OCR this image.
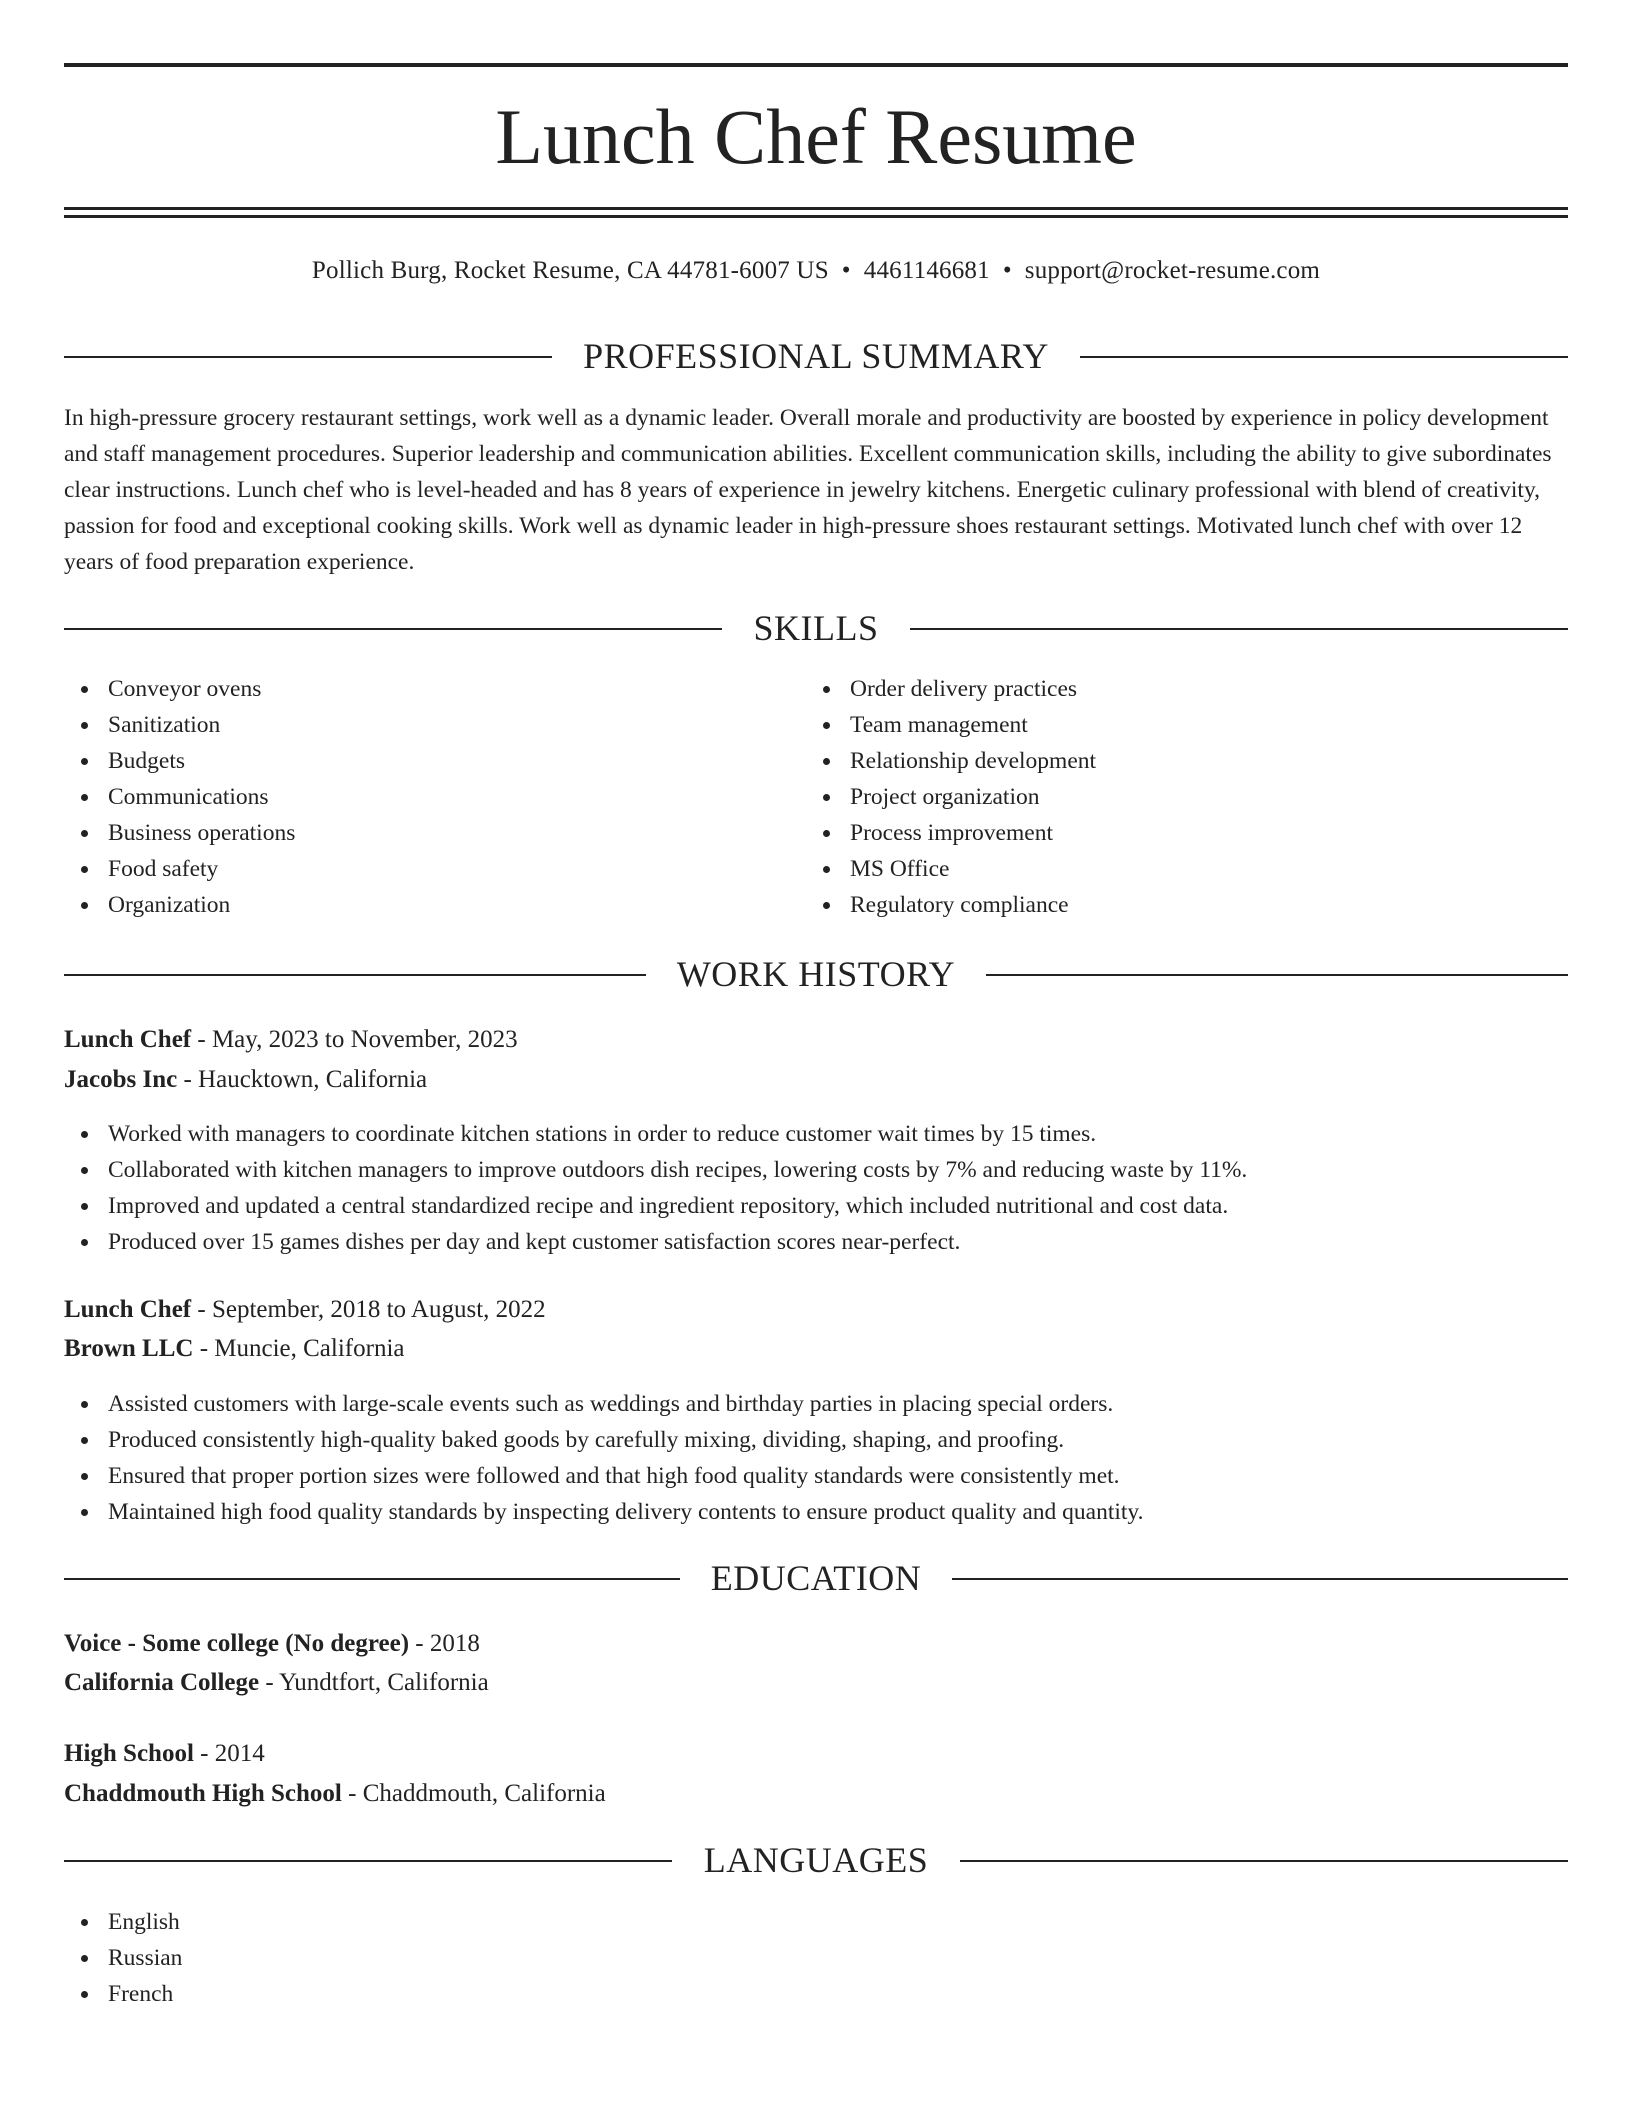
Lunch Chef Resume
Pollich Burg, Rocket Resume, CA 44781-6007 US • 4461146681 • support@rocket-resume.com
PROFESSIONAL SUMMARY

In high-pressure grocery restaurant settings, work well as a dynamic leader. Overall morale and productivity are boosted by experience in policy development and staff management procedures. Superior leadership and communication abilities. Excellent communication skills, including the ability to give subordinates clear instructions. Lunch chef who is level-headed and has 8 years of experience in jewelry kitchens. Energetic culinary professional with blend of creativity, passion for food and exceptional cooking skills. Work well as dynamic leader in high-pressure shoes restaurant settings. Motivated lunch chef with over 12 years of food preparation experience.

SKILLS
Conveyor ovens
Sanitization
Budgets
Communications
Business operations
Food safety
Organization
Order delivery practices
Team management
Relationship development
Project organization
Process improvement
MS Office
Regulatory compliance
WORK HISTORY
Lunch Chef - May, 2023 to November, 2023
Jacobs Inc - Haucktown, California
Worked with managers to coordinate kitchen stations in order to reduce customer wait times by 15 times.
Collaborated with kitchen managers to improve outdoors dish recipes, lowering costs by 7% and reducing waste by 11%.
Improved and updated a central standardized recipe and ingredient repository, which included nutritional and cost data.
Produced over 15 games dishes per day and kept customer satisfaction scores near-perfect.
Lunch Chef - September, 2018 to August, 2022
Brown LLC - Muncie, California
Assisted customers with large-scale events such as weddings and birthday parties in placing special orders.
Produced consistently high-quality baked goods by carefully mixing, dividing, shaping, and proofing.
Ensured that proper portion sizes were followed and that high food quality standards were consistently met.
Maintained high food quality standards by inspecting delivery contents to ensure product quality and quantity.
EDUCATION
Voice - Some college (No degree) - 2018
California College - Yundtfort, California
High School - 2014
Chaddmouth High School - Chaddmouth, California
LANGUAGES
English
Russian
French
